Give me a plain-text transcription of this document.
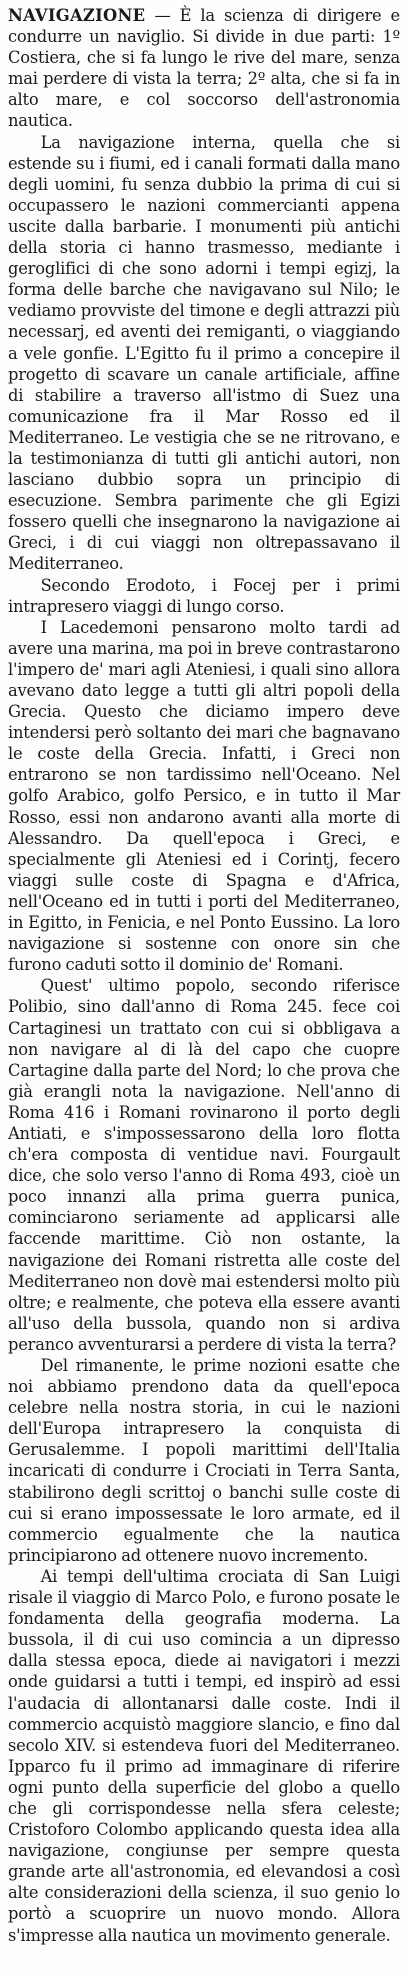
NAVIGAZIONE — È la scienza di dirigere e condurre un naviglio. Si divide in due parti: 1º Costiera, che si fa lungo le rive del mare, senza mai perdere di vista la terra; 2º alta, che si fa in alto mare, e col soccorso dell'astronomia nautica.

La navigazione interna, quella che si estende su i fiumi, ed i canali formati dalla mano degli uomini, fu senza dubbio la prima di cui si occupassero le nazioni commercianti appena uscite dalla barbarie. I monumenti più antichi della storia ci hanno trasmesso, mediante i geroglifici di che sono adorni i tempi egizj, la forma delle barche che navigavano sul Nilo; le vediamo provviste del timone e degli attrazzi più necessarj, ed aventi dei remiganti, o viaggiando a vele gonfie. L'Egitto fu il primo a concepire il progetto di scavare un canale artificiale, affine di stabilire a traverso all'istmo di Suez una comunicazione fra il Mar Rosso ed il Mediterraneo. Le vestigia che se ne ritrovano, e la testimonianza di tutti gli antichi autori, non lasciano dubbio sopra un principio di esecuzione. Sembra parimente che gli Egizi fossero quelli che insegnarono la navigazione ai Greci, i di cui viaggi non oltrepassavano il Mediterraneo.

Secondo Erodoto, i Focej per i primi intrapresero viaggi di lungo corso.

I Lacedemoni pensarono molto tardi ad avere una marina, ma poi in breve contrastarono l'impero de' mari agli Ateniesi, i quali sino allora avevano dato legge a tutti gli altri popoli della Grecia. Questo che diciamo impero deve intendersi però soltanto dei mari che bagnavano le coste della Grecia. Infatti, i Greci non entrarono se non tardissimo nell'Oceano. Nel golfo Arabico, golfo Persico, e in tutto il Mar Rosso, essi non andarono avanti alla morte di Alessandro. Da quell'epoca i Greci, e specialmente gli Ateniesi ed i Corintj, fecero viaggi sulle coste di Spagna e d'Africa, nell'Oceano ed in tutti i porti del Mediterraneo, in Egitto, in Fenicia, e nel Ponto Eussino. La loro navigazione si sostenne con onore sin che furono caduti sotto il dominio de' Romani.

Quest' ultimo popolo, secondo riferisce Polibio, sino dall'anno di Roma 245. fece coi Cartaginesi un trattato con cui si obbligava a non navigare al di là del capo che cuopre Cartagine dalla parte del Nord; lo che prova che già erangli nota la navigazione. Nell'anno di Roma 416 i Romani rovinarono il porto degli Antiati, e s'impossessarono della loro flotta ch'era composta di ventidue navi. Fourgault dice, che solo verso l'anno di Roma 493, cioè un poco innanzi alla prima guerra punica, cominciarono seriamente ad applicarsi alle faccende marittime. Ciò non ostante, la navigazione dei Romani ristretta alle coste del Mediterraneo non dovè mai estendersi molto più oltre; e realmente, che poteva ella essere avanti all'uso della bussola, quando non si ardiva peranco avventurarsi a perdere di vista la terra?

Del rimanente, le prime nozioni esatte che noi abbiamo prendono data da quell'epoca celebre nella nostra storia, in cui le nazioni dell'Europa intrapresero la conquista di Gerusalemme. I popoli marittimi dell'Italia incaricati di condurre i Crociati in Terra Santa, stabilirono degli scrittoj o banchi sulle coste di cui si erano impossessate le loro armate, ed il commercio egualmente che la nautica principiarono ad ottenere nuovo incremento.

Ai tempi dell'ultima crociata di San Luigi risale il viaggio di Marco Polo, e furono posate le fondamenta della geografia moderna. La bussola, il di cui uso comincia a un dipresso dalla stessa epoca, diede ai navigatori i mezzi onde guidarsi a tutti i tempi, ed inspirò ad essi l'audacia di allontanarsi dalle coste. Indi il commercio acquistò maggiore slancio, e fino dal secolo XIV. si estendeva fuori del Mediterraneo. Ipparco fu il primo ad immaginare di riferire ogni punto della superficie del globo a quello che gli corrispondesse nella sfera celeste; Cristoforo Colombo applicando questa idea alla navigazione, congiunse per sempre questa grande arte all'astronomia, ed elevandosi a così alte considerazioni della scienza, il suo genio lo portò a scuoprire un nuovo mondo. Allora s'impresse alla nautica un movimento generale.
